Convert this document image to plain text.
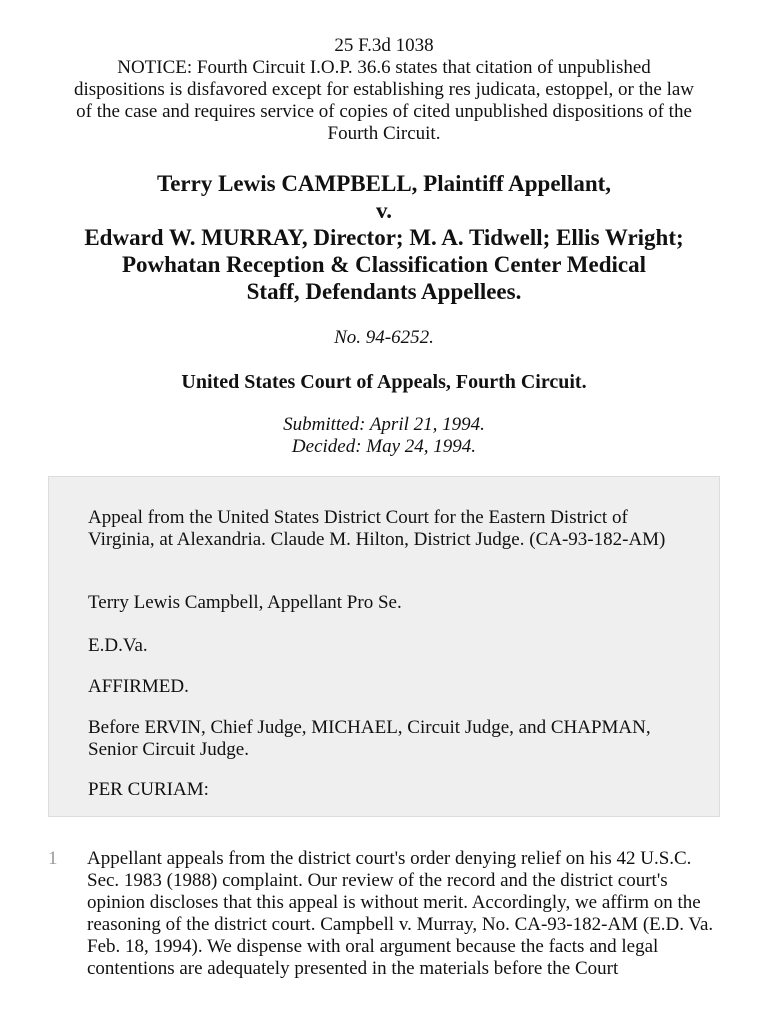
25 F.3d 1038
NOTICE: Fourth Circuit I.O.P. 36.6 states that citation of unpublished
dispositions is disfavored except for establishing res judicata, estoppel, or the law
of the case and requires service of copies of cited unpublished dispositions of the
Fourth Circuit.
Terry Lewis CAMPBELL, Plaintiff Appellant,
v.
Edward W. MURRAY, Director; M. A. Tidwell; Ellis Wright;
Powhatan Reception & Classification Center Medical
Staff, Defendants Appellees.
No. 94-6252.
United States Court of Appeals, Fourth Circuit.
Submitted: April 21, 1994.
Decided: May 24, 1994.

Appeal from the United States District Court for the Eastern District of Virginia, at Alexandria. Claude M. Hilton, District Judge. (CA-93-182-AM)

Terry Lewis Campbell, Appellant Pro Se.

E.D.Va.

AFFIRMED.

Before ERVIN, Chief Judge, MICHAEL, Circuit Judge, and CHAPMAN, Senior Circuit Judge.

PER CURIAM:

1 Appellant appeals from the district court's order denying relief on his 42 U.S.C. Sec. 1983 (1988) complaint. Our review of the record and the district court's opinion discloses that this appeal is without merit. Accordingly, we affirm on the reasoning of the district court. Campbell v. Murray, No. CA-93-182-AM (E.D. Va. Feb. 18, 1994). We dispense with oral argument because the facts and legal contentions are adequately presented in the materials before the Court
